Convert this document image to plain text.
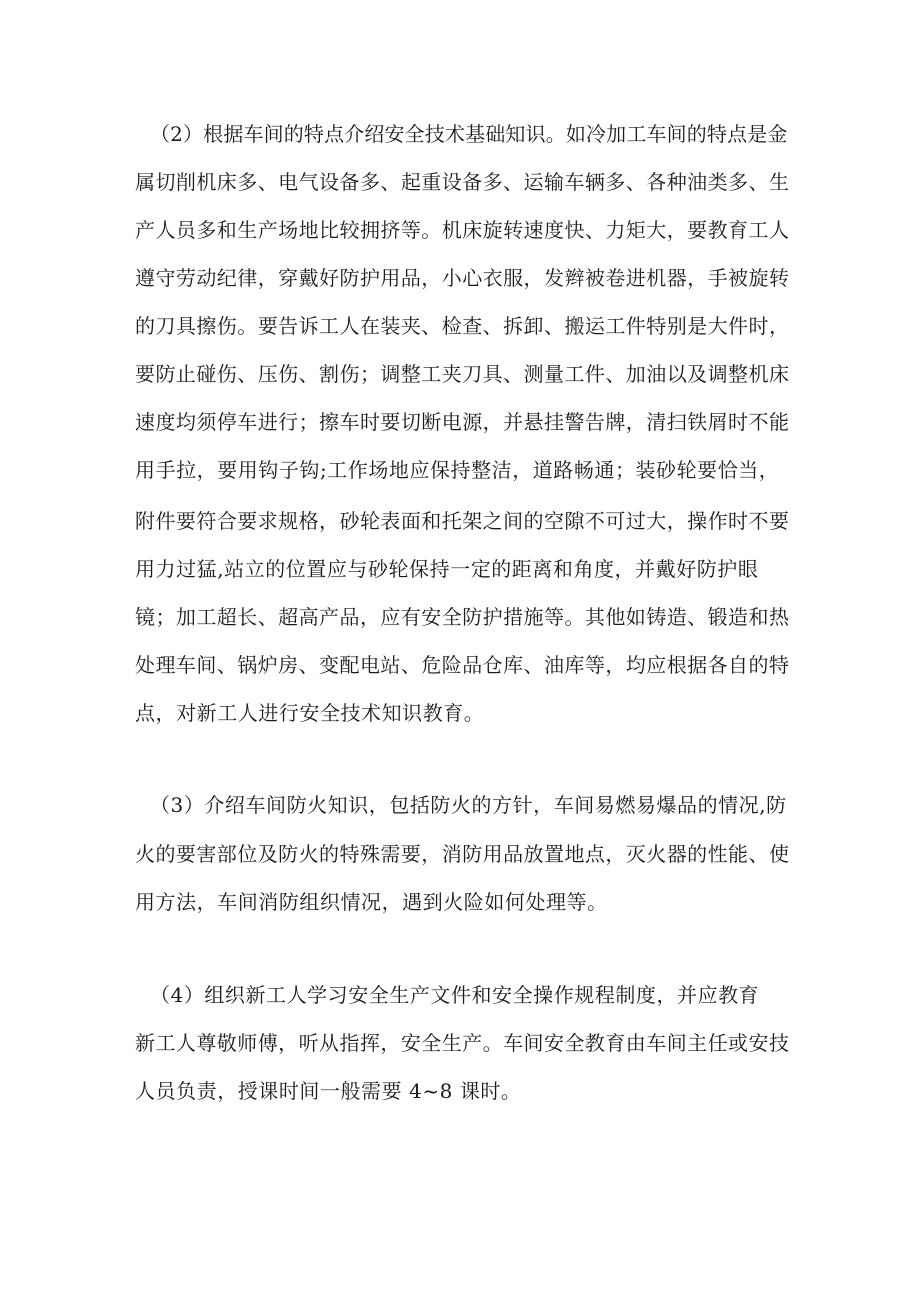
（2）根据车间的特点介绍安全技术基础知识。如冷加工车间的特点是金
属切削机床多、电气设备多、起重设备多、运输车辆多、各种油类多、生
产人员多和生产场地比较拥挤等。机床旋转速度快、力矩大，要教育工人
遵守劳动纪律，穿戴好防护用品，小心衣服，发辫被卷进机器，手被旋转
的刀具擦伤。要告诉工人在装夹、检查、拆卸、搬运工件特别是大件时，
要防止碰伤、压伤、割伤；调整工夹刀具、测量工件、加油以及调整机床
速度均须停车进行；擦车时要切断电源，并悬挂警告牌，清扫铁屑时不能
用手拉，要用钩子钩;工作场地应保持整洁，道路畅通；装砂轮要恰当，
附件要符合要求规格，砂轮表面和托架之间的空隙不可过大，操作时不要
用力过猛,站立的位置应与砂轮保持一定的距离和角度，并戴好防护眼
镜；加工超长、超高产品，应有安全防护措施等。其他如铸造、锻造和热
处理车间、锅炉房、变配电站、危险品仓库、油库等，均应根据各自的特
点，对新工人进行安全技术知识教育。
（3）介绍车间防火知识，包括防火的方针，车间易燃易爆品的情况,防
火的要害部位及防火的特殊需要，消防用品放置地点，灭火器的性能、使
用方法，车间消防组织情况，遇到火险如何处理等。
（4）组织新工人学习安全生产文件和安全操作规程制度，并应教育
新工人尊敬师傅，听从指挥，安全生产。车间安全教育由车间主任或安技
人员负责，授课时间一般需要 4~8 课时。
